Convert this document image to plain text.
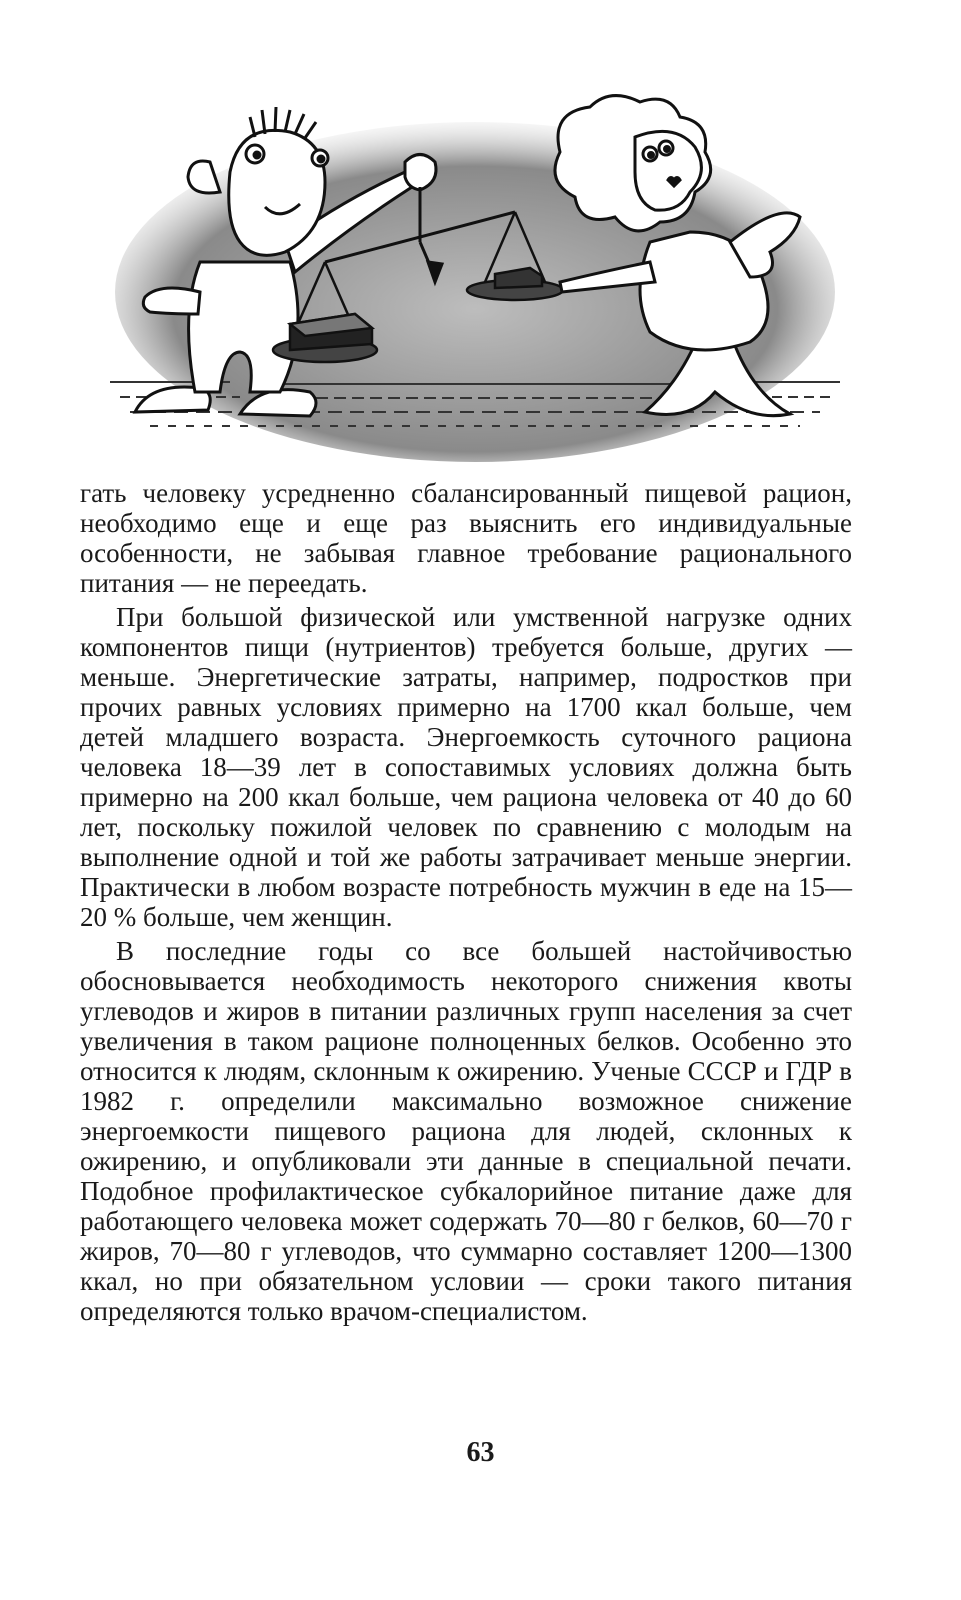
гать человеку усредненно сбалансированный пищевой рацион, необходимо еще и еще раз выяснить его индивидуальные особенности, не забывая главное требование рационального питания — не переедать.

При большой физической или умственной нагрузке одних компонентов пищи (нутриентов) требуется больше, других — меньше. Энергетические затраты, например, подростков при прочих равных условиях примерно на 1700 ккал больше, чем детей младшего возраста. Энергоемкость суточного рациона человека 18—39 лет в сопоставимых условиях должна быть примерно на 200 ккал больше, чем рациона человека от 40 до 60 лет, поскольку пожилой человек по сравнению с молодым на выполнение одной и той же работы затрачивает меньше энергии. Практически в любом возрасте потребность мужчин в еде на 15—20 % больше, чем женщин.

В последние годы со все большей настойчивостью обосновывается необходимость некоторого снижения квоты углеводов и жиров в питании различных групп населения за счет увеличения в таком рационе полноценных белков. Особенно это относится к людям, склонным к ожирению. Ученые СССР и ГДР в 1982 г. определили максимально возможное снижение энергоемкости пищевого рациона для людей, склонных к ожирению, и опубликовали эти данные в специальной печати. Подобное профилактическое субкалорийное питание даже для работающего человека может содержать 70—80 г белков, 60—70 г жиров, 70—80 г углеводов, что суммарно составляет 1200—1300 ккал, но при обязательном условии — сроки такого питания определяются только врачом-специалистом.

63
